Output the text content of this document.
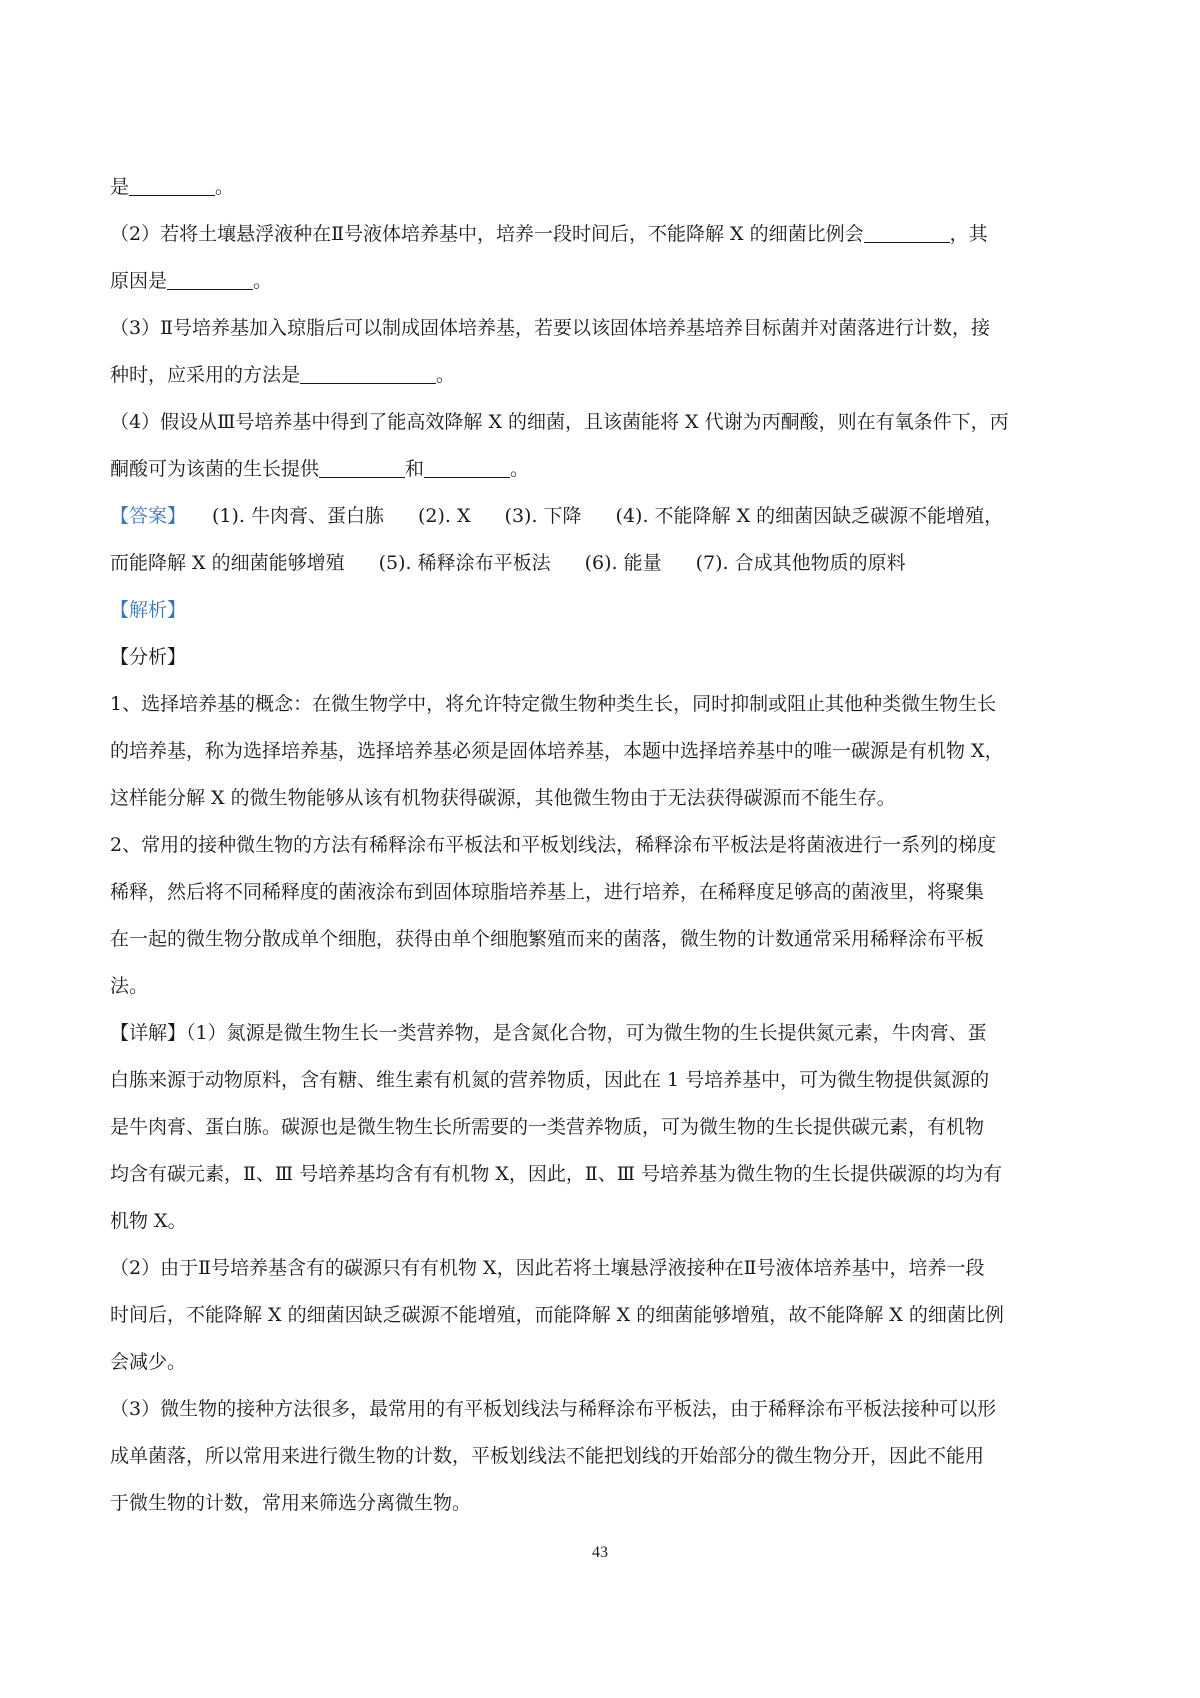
是	。
（2）若将土壤悬浮液种在Ⅱ号液体培养基中，培养一段时间后，不能降解 X 的细菌比例会	，其
原因是	。
（3）Ⅱ号培养基加入琼脂后可以制成固体培养基，若要以该固体培养基培养目标菌并对菌落进行计数，接
种时，应采用的方法是	。
（4）假设从Ⅲ号培养基中得到了能高效降解 X 的细菌，且该菌能将 X 代谢为丙酮酸，则在有氧条件下，丙
酮酸可为该菌的生长提供	和	。
【答案】 (1). 牛肉膏、蛋白胨 (2). X (3). 下降 (4). 不能降解 X 的细菌因缺乏碳源不能增殖，
而能降解 X 的细菌能够增殖 (5). 稀释涂布平板法 (6). 能量 (7). 合成其他物质的原料
【解析】
【分析】
1、选择培养基的概念：在微生物学中，将允许特定微生物种类生长，同时抑制或阻止其他种类微生物生长
的培养基，称为选择培养基，选择培养基必须是固体培养基，本题中选择培养基中的唯一碳源是有机物 X，
这样能分解 X 的微生物能够从该有机物获得碳源，其他微生物由于无法获得碳源而不能生存。
2、常用的接种微生物的方法有稀释涂布平板法和平板划线法，稀释涂布平板法是将菌液进行一系列的梯度
稀释，然后将不同稀释度的菌液涂布到固体琼脂培养基上，进行培养，在稀释度足够高的菌液里，将聚集
在一起的微生物分散成单个细胞，获得由单个细胞繁殖而来的菌落，微生物的计数通常采用稀释涂布平板
法。
【详解】（1）氮源是微生物生长一类营养物，是含氮化合物，可为微生物的生长提供氮元素，牛肉膏、蛋
白胨来源于动物原料，含有糖、维生素有机氮的营养物质，因此在 1 号培养基中，可为微生物提供氮源的
是牛肉膏、蛋白胨。碳源也是微生物生长所需要的一类营养物质，可为微生物的生长提供碳元素，有机物
均含有碳元素，Ⅱ、Ⅲ 号培养基均含有有机物 X，因此，Ⅱ、Ⅲ 号培养基为微生物的生长提供碳源的均为有
机物 X。
（2）由于Ⅱ号培养基含有的碳源只有有机物 X，因此若将土壤悬浮液接种在Ⅱ号液体培养基中，培养一段
时间后，不能降解 X 的细菌因缺乏碳源不能增殖，而能降解 X 的细菌能够增殖，故不能降解 X 的细菌比例
会减少。
（3）微生物的接种方法很多，最常用的有平板划线法与稀释涂布平板法，由于稀释涂布平板法接种可以形
成单菌落，所以常用来进行微生物的计数，平板划线法不能把划线的开始部分的微生物分开，因此不能用
于微生物的计数，常用来筛选分离微生物。
43
